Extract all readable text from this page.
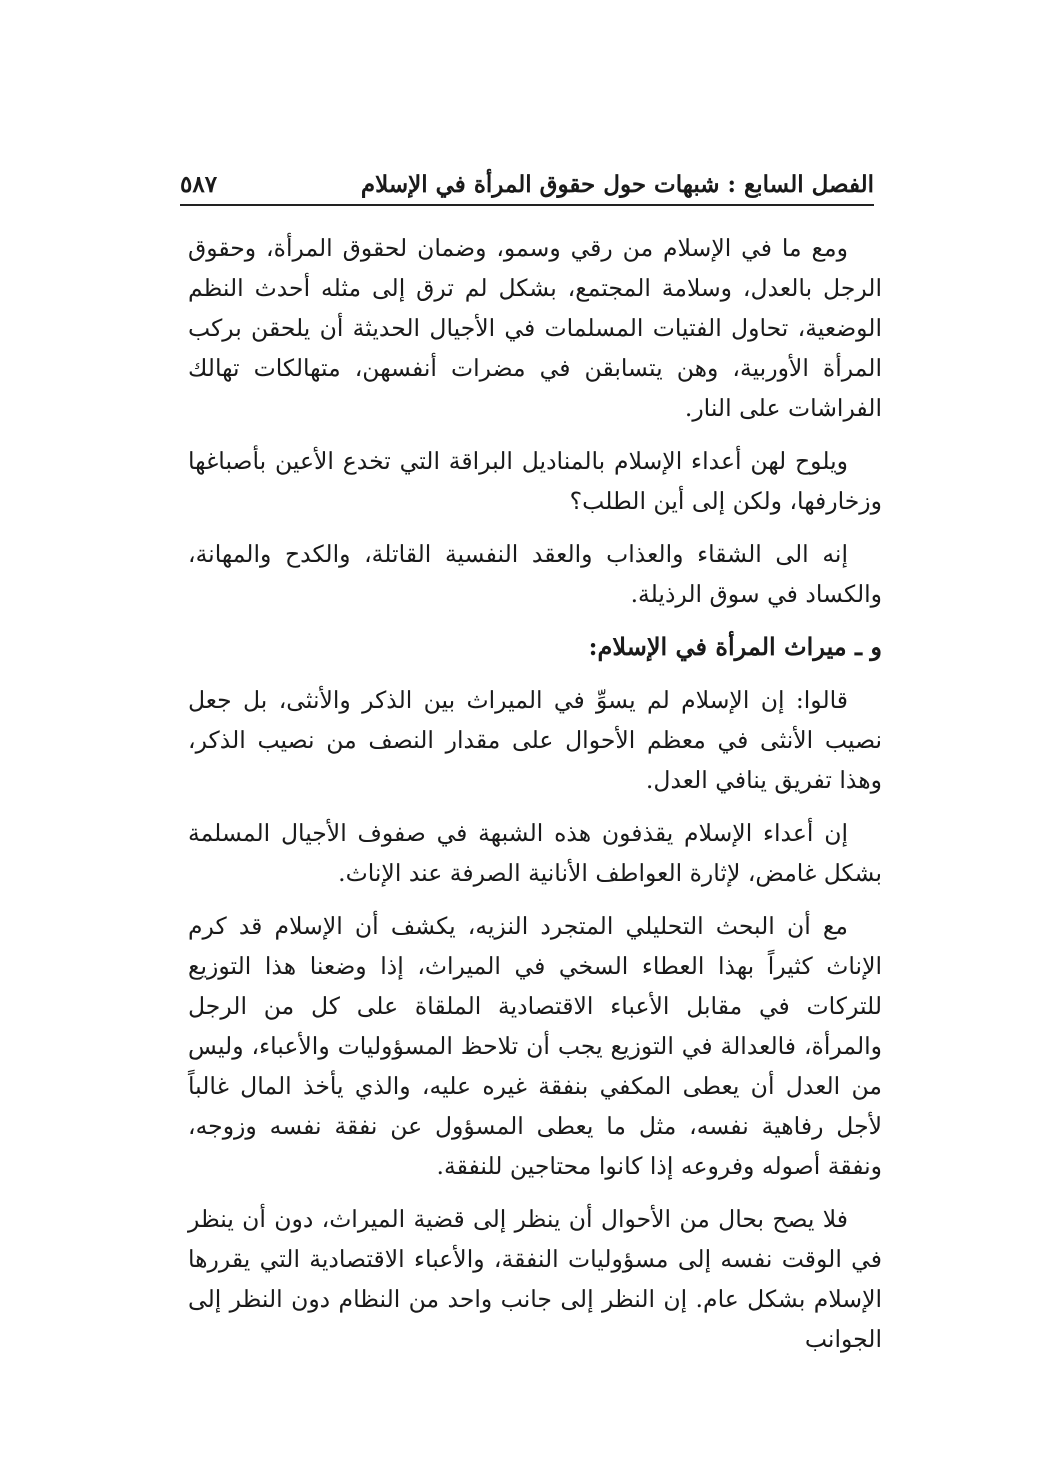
الفصل السابع : شبهات حول حقوق المرأة في الإسلام
٥٨٧

ومع ما في الإسلام من رقي وسمو، وضمان لحقوق المرأة، وحقوق الرجل بالعدل، وسلامة المجتمع، بشكل لم ترق إلى مثله أحدث النظم الوضعية، تحاول الفتيات المسلمات في الأجيال الحديثة أن يلحقن بركب المرأة الأوربية، وهن يتسابقن في مضرات أنفسهن، متهالكات تهالك الفراشات على النار.

ويلوح لهن أعداء الإسلام بالمناديل البراقة التي تخدع الأعين بأصباغها وزخارفها، ولكن إلى أين الطلب؟

إنه الى الشقاء والعذاب والعقد النفسية القاتلة، والكدح والمهانة، والكساد في سوق الرذيلة.

و ـ ميراث المرأة في الإسلام:

قالوا: إن الإسلام لم يسوِّ في الميراث بين الذكر والأنثى، بل جعل نصيب الأنثى في معظم الأحوال على مقدار النصف من نصيب الذكر، وهذا تفريق ينافي العدل.

إن أعداء الإسلام يقذفون هذه الشبهة في صفوف الأجيال المسلمة بشكل غامض، لإثارة العواطف الأنانية الصرفة عند الإناث.

مع أن البحث التحليلي المتجرد النزيه، يكشف أن الإسلام قد كرم الإناث كثيراً بهذا العطاء السخي في الميراث، إذا وضعنا هذا التوزيع للتركات في مقابل الأعباء الاقتصادية الملقاة على كل من الرجل والمرأة، فالعدالة في التوزيع يجب أن تلاحظ المسؤوليات والأعباء، وليس من العدل أن يعطى المكفي بنفقة غيره عليه، والذي يأخذ المال غالباً لأجل رفاهية نفسه، مثل ما يعطى المسؤول عن نفقة نفسه وزوجه، ونفقة أصوله وفروعه إذا كانوا محتاجين للنفقة.

فلا يصح بحال من الأحوال أن ينظر إلى قضية الميراث، دون أن ينظر في الوقت نفسه إلى مسؤوليات النفقة، والأعباء الاقتصادية التي يقررها الإسلام بشكل عام. إن النظر إلى جانب واحد من النظام دون النظر إلى الجوانب
